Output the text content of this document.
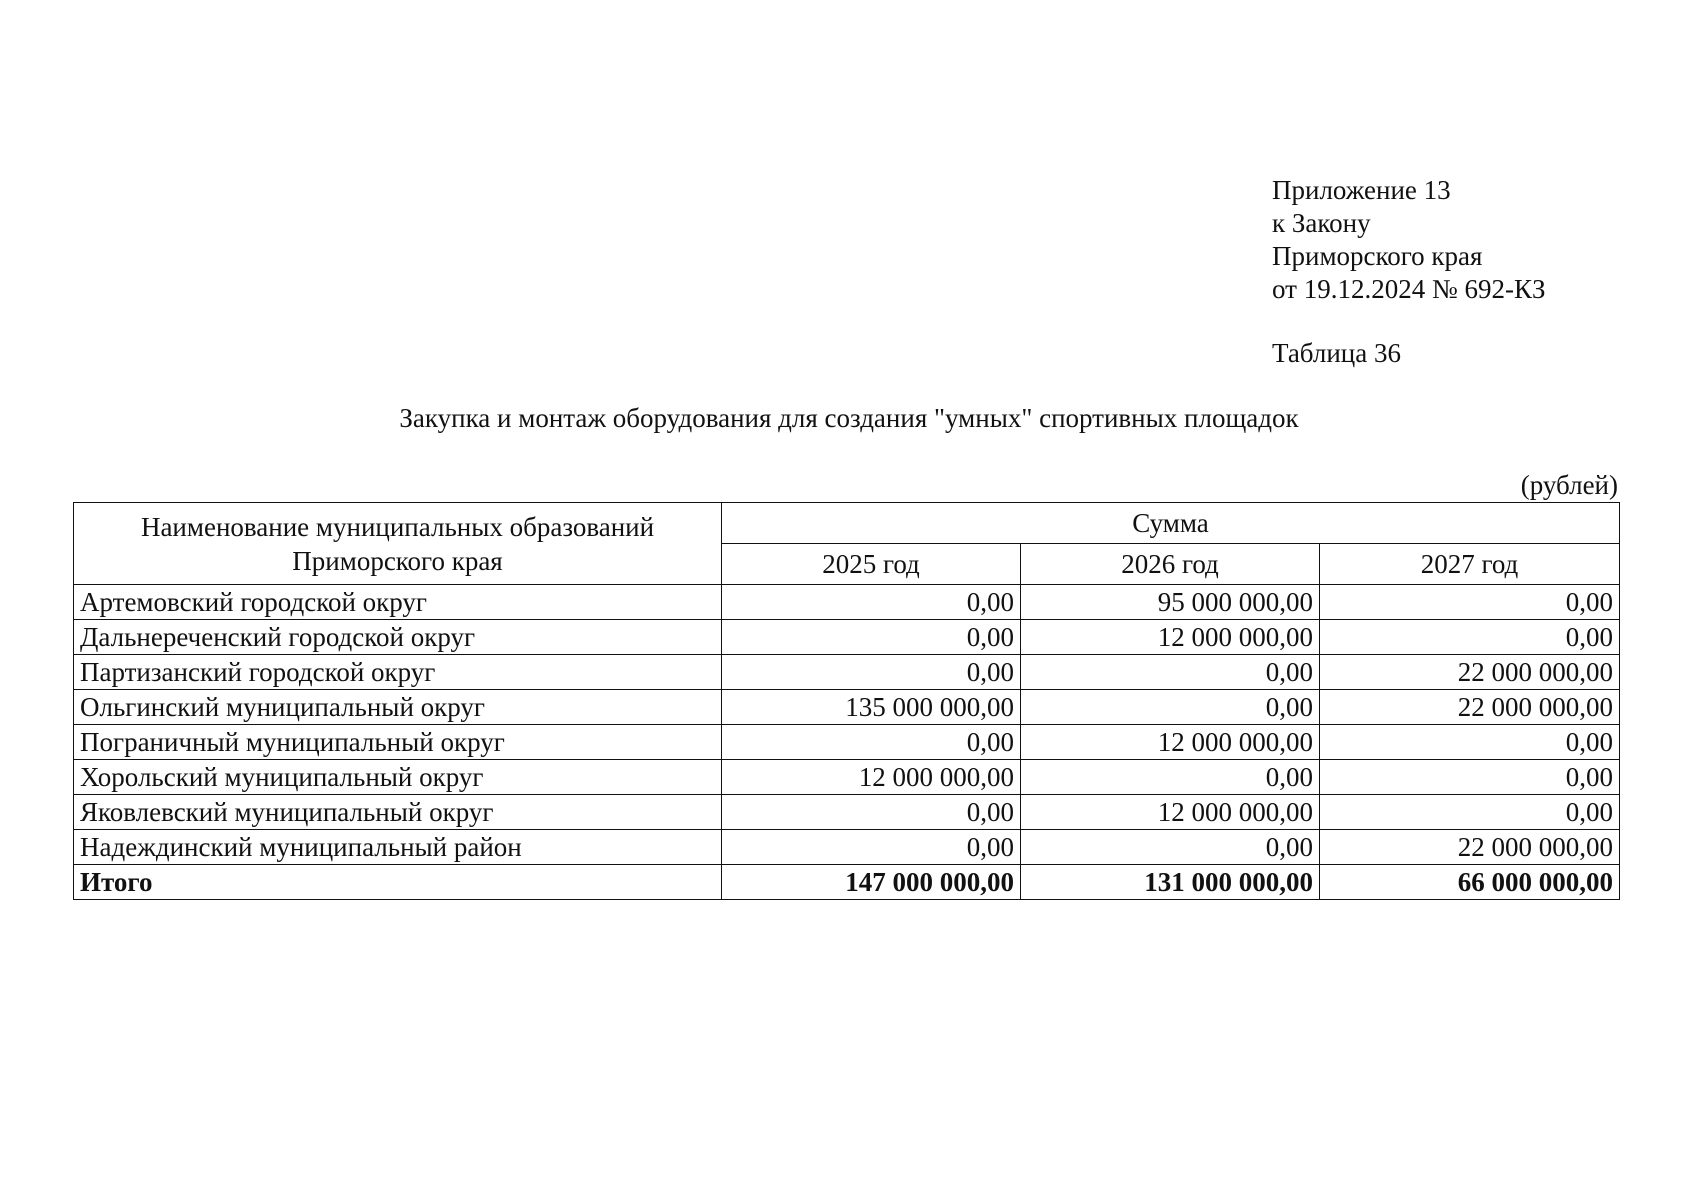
Приложение 13
к Закону
Приморского края
от 19.12.2024 № 692-КЗ
Таблица 36
Закупка и монтаж оборудования для создания "умных" спортивных площадок
(рублей)
Наименование муниципальных образований Приморского края	Сумма		
	2025 год	2026 год	2027 год
Артемовский городской округ	0,00	95 000 000,00	0,00
Дальнереченский городской округ	0,00	12 000 000,00	0,00
Партизанский городской округ	0,00	0,00	22 000 000,00
Ольгинский муниципальный округ	135 000 000,00	0,00	22 000 000,00
Пограничный муниципальный округ	0,00	12 000 000,00	0,00
Хорольский муниципальный округ	12 000 000,00	0,00	0,00
Яковлевский муниципальный округ	0,00	12 000 000,00	0,00
Надеждинский муниципальный район	0,00	0,00	22 000 000,00
Итого	147 000 000,00	131 000 000,00	66 000 000,00
